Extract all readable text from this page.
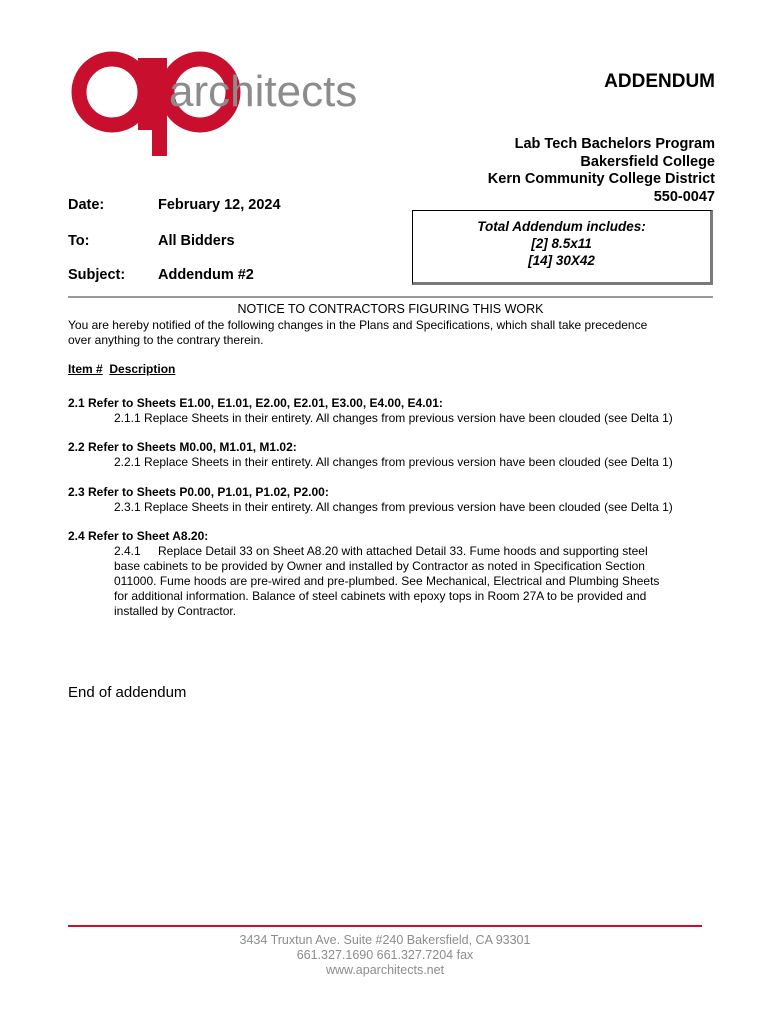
architects	ADDENDUM
Lab Tech Bachelors Program
Bakersfield College
Kern Community College District
550-0047
Date:	February 12, 2024
To:	All Bidders
Subject: Addendum #2
Total Addendum includes:
[2] 8.5x11
[14] 30X42
NOTICE TO CONTRACTORS FIGURING THIS WORK
You are hereby notified of the following changes in the Plans and Specifications, which shall take precedence
over anything to the contrary therein.
Item # Description
2.1 Refer to Sheets E1.00, E1.01, E2.00, E2.01, E3.00, E4.00, E4.01:
2.1.1 Replace Sheets in their entirety. All changes from previous version have been clouded (see Delta 1)
2.2 Refer to Sheets M0.00, M1.01, M1.02:
2.2.1 Replace Sheets in their entirety. All changes from previous version have been clouded (see Delta 1)
2.3 Refer to Sheets P0.00, P1.01, P1.02, P2.00:
2.3.1 Replace Sheets in their entirety. All changes from previous version have been clouded (see Delta 1)
2.4 Refer to Sheet A8.20:
2.4.1 Replace Detail 33 on Sheet A8.20 with attached Detail 33. Fume hoods and supporting steel
base cabinets to be provided by Owner and installed by Contractor as noted in Specification Section
011000. Fume hoods are pre-wired and pre-plumbed. See Mechanical, Electrical and Plumbing Sheets
for additional information. Balance of steel cabinets with epoxy tops in Room 27A to be provided and
installed by Contractor.
End of addendum
3434 Truxtun Ave. Suite #240 Bakersfield, CA 93301
661.327.1690 661.327.7204 fax
www.aparchitects.net
